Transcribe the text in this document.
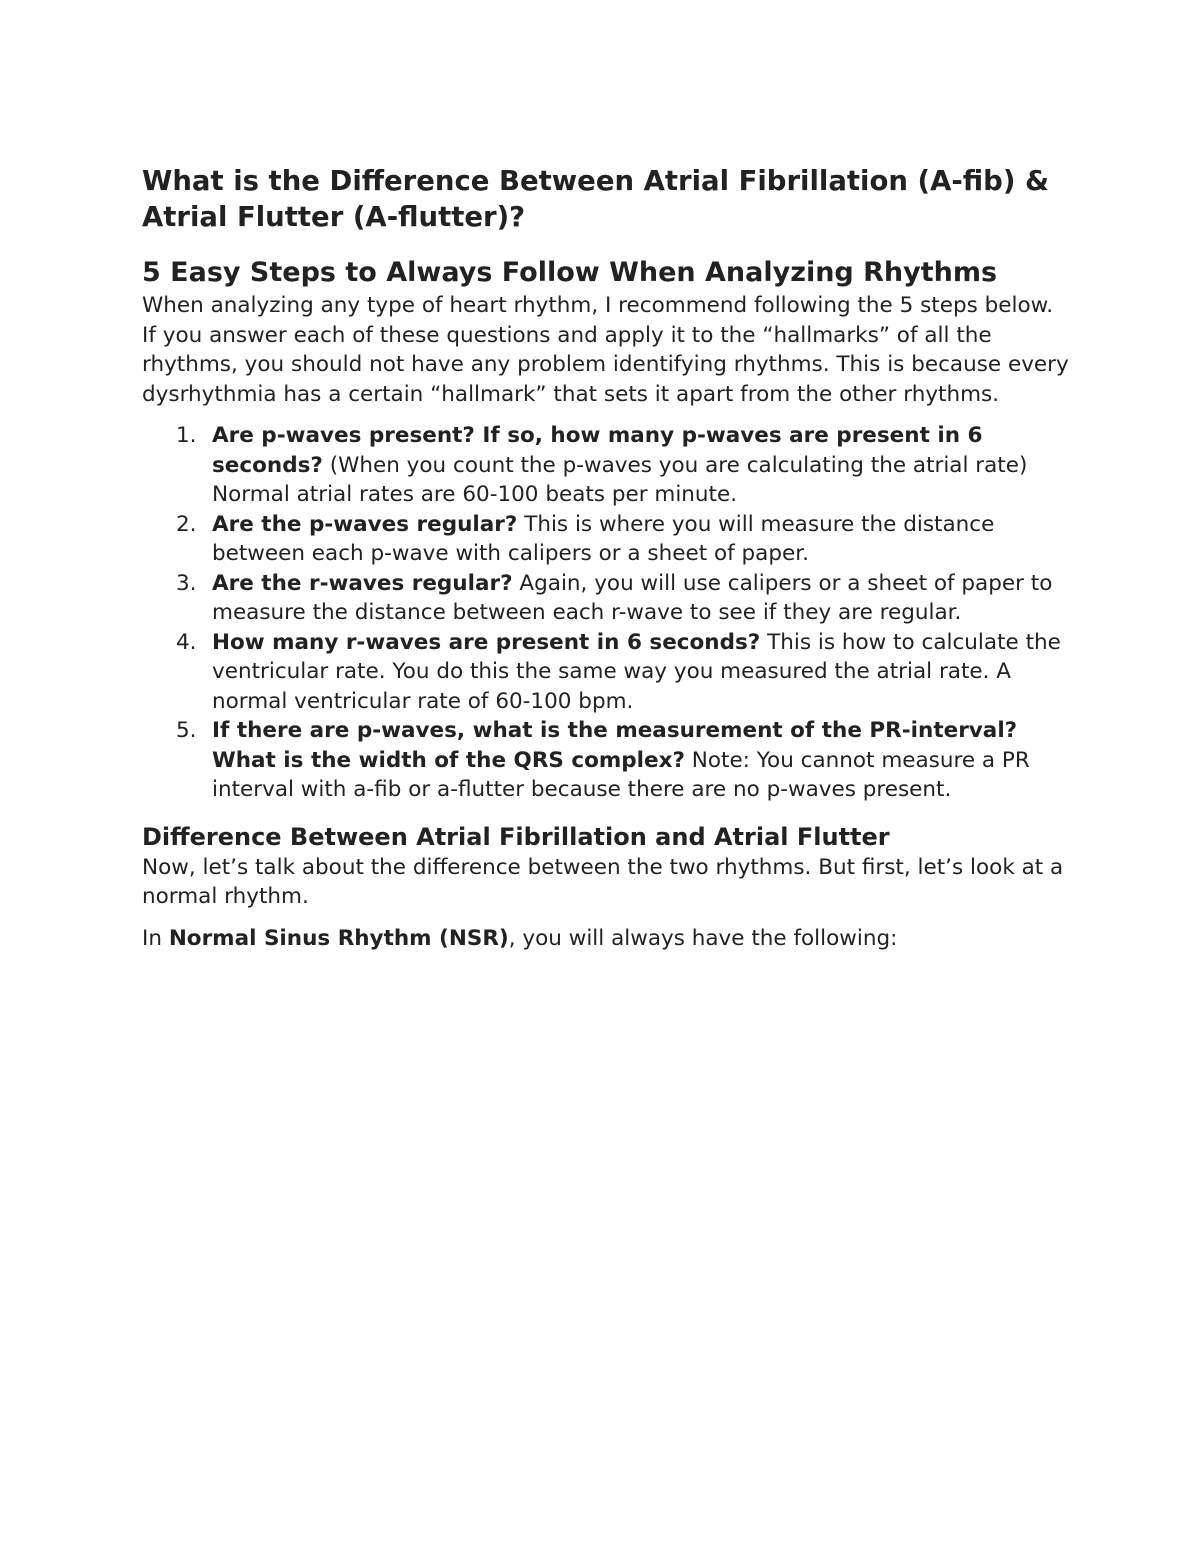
What is the Difference Between Atrial Fibrillation (A-fib) & Atrial Flutter (A-flutter)?
5 Easy Steps to Always Follow When Analyzing Rhythms

When analyzing any type of heart rhythm, I recommend following the 5 steps below. If you answer each of these questions and apply it to the “hallmarks” of all the rhythms, you should not have any problem identifying rhythms. This is because every dysrhythmia has a certain “hallmark” that sets it apart from the other rhythms.

1. Are p-waves present? If so, how many p-waves are present in 6 seconds? (When you count the p-waves you are calculating the atrial rate) Normal atrial rates are 60-100 beats per minute.
2. Are the p-waves regular? This is where you will measure the distance between each p-wave with calipers or a sheet of paper.
3. Are the r-waves regular? Again, you will use calipers or a sheet of paper to measure the distance between each r-wave to see if they are regular.
4. How many r-waves are present in 6 seconds? This is how to calculate the ventricular rate. You do this the same way you measured the atrial rate. A normal ventricular rate of 60-100 bpm.
5. If there are p-waves, what is the measurement of the PR-interval? What is the width of the QRS complex? Note: You cannot measure a PR interval with a-fib or a-flutter because there are no p-waves present.
Difference Between Atrial Fibrillation and Atrial Flutter

Now, let’s talk about the difference between the two rhythms. But first, let’s look at a normal rhythm.

In Normal Sinus Rhythm (NSR), you will always have the following:
